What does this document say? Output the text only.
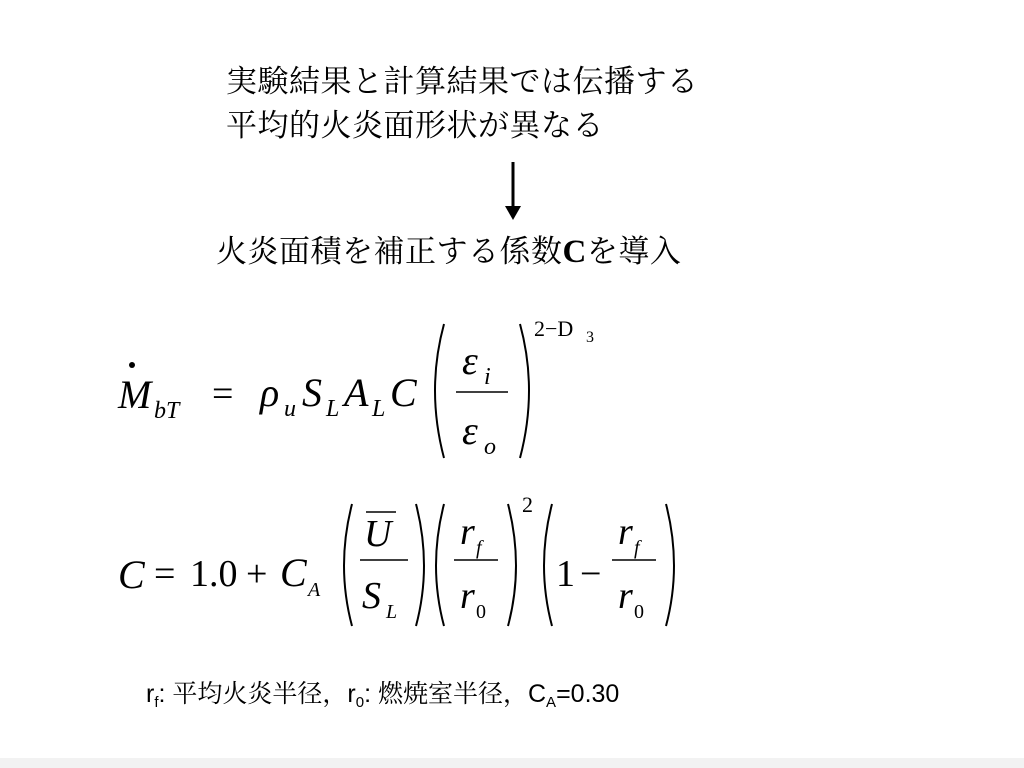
実験結果と計算結果では伝播する
平均的火炎面形状が異なる
火炎面積を補正する係数Cを導入
M bT = ρ u S L A L C
ε i
ε o
2−D 3
C = 1.0 + C A
U
S L
r f
r 0
2
1 −
r f
r 0
$r_f$: 平均火炎半径，$r_0$: 燃焼室半径，$C_A=0.30$
